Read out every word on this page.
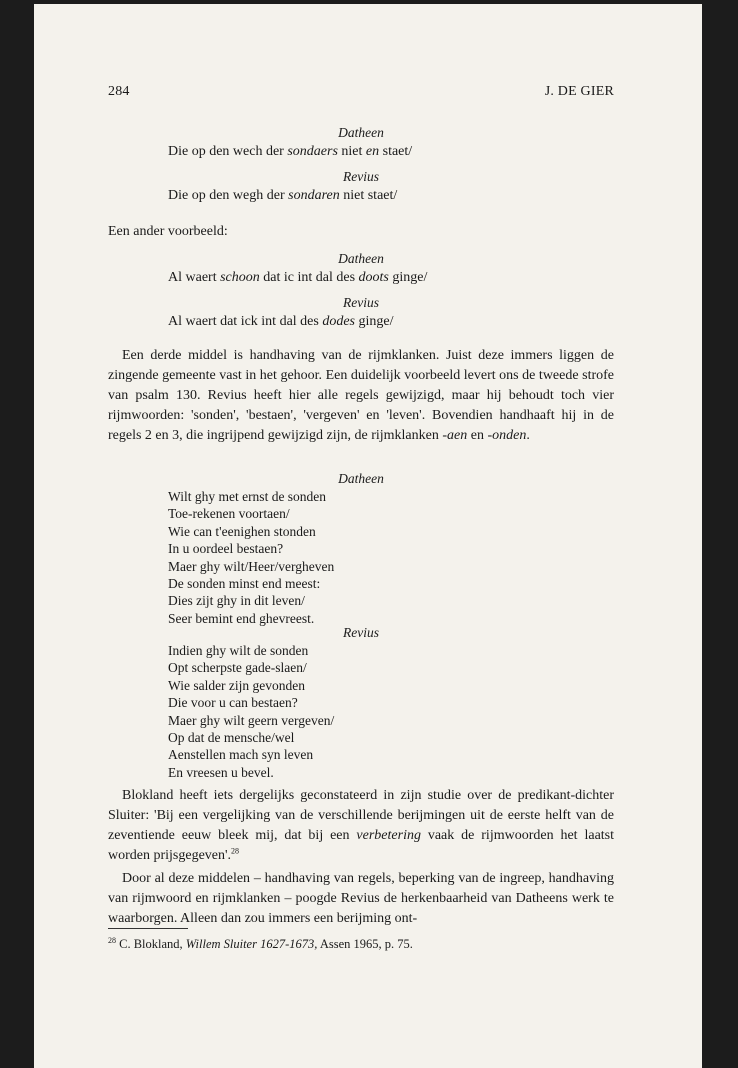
284	J. DE GIER
Datheen
Die op den wech der sondaers niet en staet/
Revius
Die op den wegh der sondaren niet staet/
Een ander voorbeeld:
Datheen
Al waert schoon dat ic int dal des doots ginge/
Revius
Al waert dat ick int dal des dodes ginge/

Een derde middel is handhaving van de rijmklanken. Juist deze immers liggen de zingende gemeente vast in het gehoor. Een duidelijk voorbeeld levert ons de tweede strofe van psalm 130. Revius heeft hier alle regels gewijzigd, maar hij behoudt toch vier rijmwoorden: 'sonden', 'bestaen', 'vergeven' en 'leven'. Bovendien handhaaft hij in de regels 2 en 3, die ingrijpend gewijzigd zijn, de rijmklanken -aen en -onden.

Datheen
Wilt ghy met ernst de sonden
Toe-rekenen voortaen/
Wie can t'eenighen stonden
In u oordeel bestaen?
Maer ghy wilt/Heer/vergheven
De sonden minst end meest:
Dies zijt ghy in dit leven/
Seer bemint end ghevreest.
Revius
Indien ghy wilt de sonden
Opt scherpste gade-slaen/
Wie salder zijn gevonden
Die voor u can bestaen?
Maer ghy wilt geern vergeven/
Op dat de mensche/wel
Aenstellen mach syn leven
En vreesen u bevel.

Blokland heeft iets dergelijks geconstateerd in zijn studie over de predikant-dichter Sluiter: 'Bij een vergelijking van de verschillende berijmingen uit de eerste helft van de zeventiende eeuw bleek mij, dat bij een verbetering vaak de rijmwoorden het laatst worden prijsgegeven'.$^{28}$

Door al deze middelen – handhaving van regels, beperking van de ingreep, handhaving van rijmwoord en rijmklanken – poogde Revius de herkenbaarheid van Datheens werk te waarborgen. Alleen dan zou immers een berijming ont-

$^{28}$ C. Blokland, Willem Sluiter 1627-1673, Assen 1965, p. 75.
